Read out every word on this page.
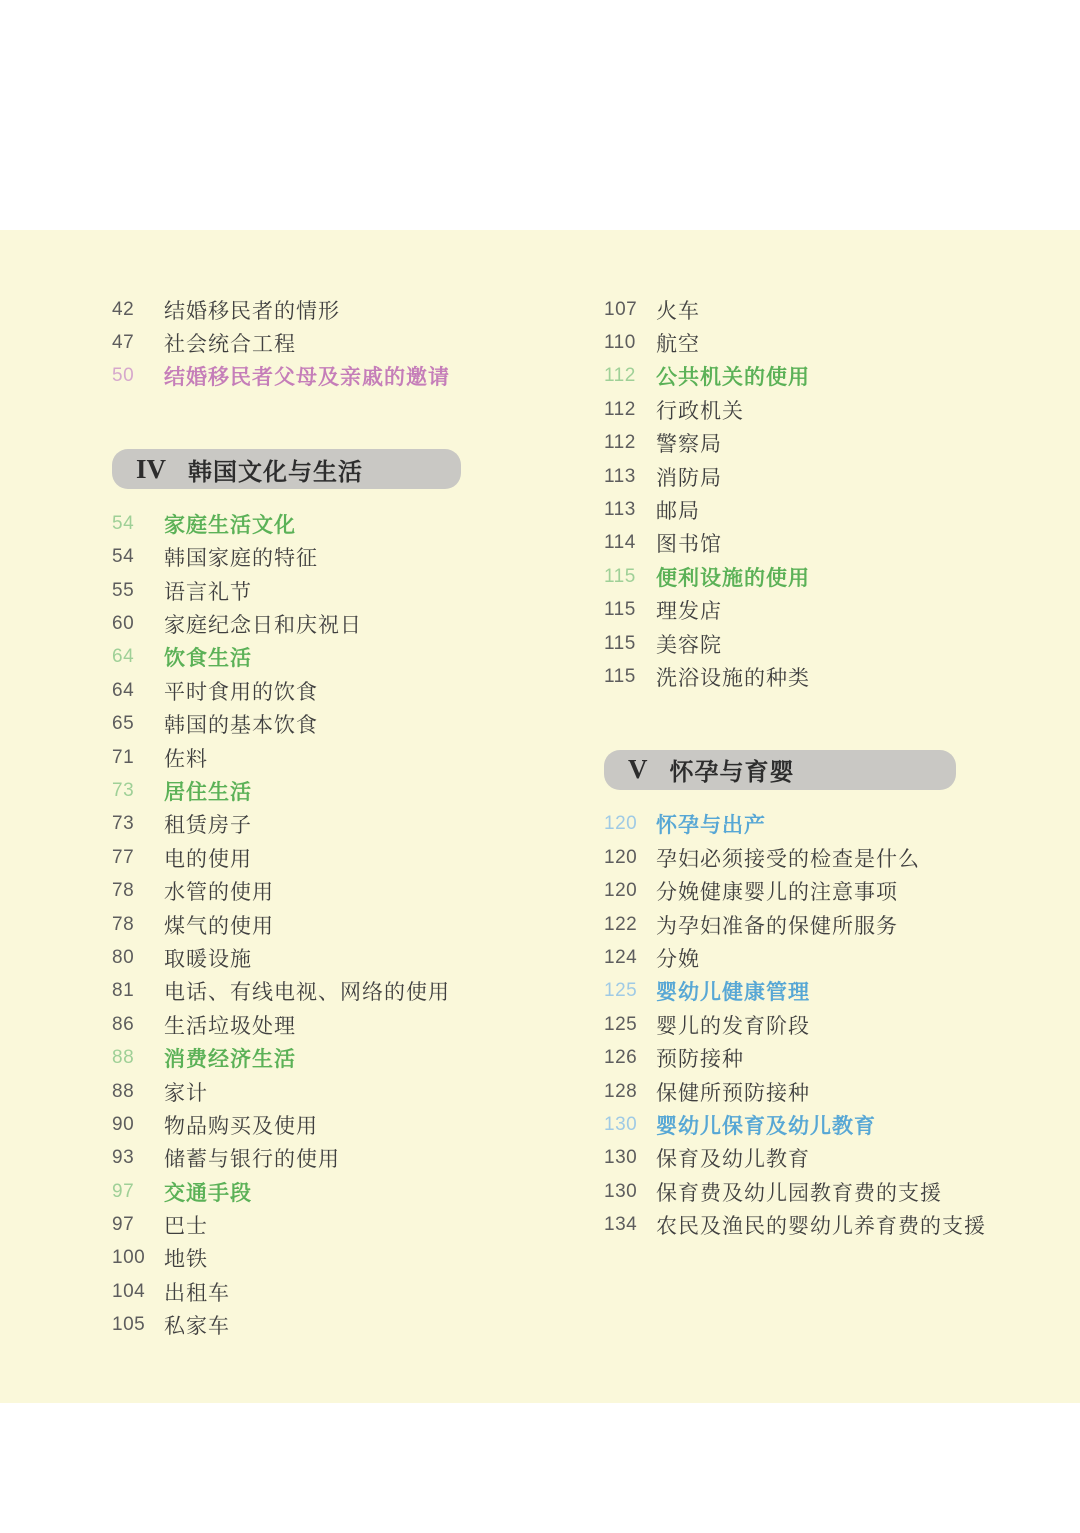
42	结婚移民者的情形
47	社会统合工程
50	结婚移民者父母及亲戚的邀请
IV 韩国文化与生活
54	家庭生活文化
54	韩国家庭的特征
55	语言礼节
60	家庭纪念日和庆祝日
64	饮食生活
64	平时食用的饮食
65	韩国的基本饮食
71	佐料
73	居住生活
73	租赁房子
77	电的使用
78	水管的使用
78	煤气的使用
80	取暖设施
81	电话、有线电视、网络的使用
86	生活垃圾处理
88	消费经济生活
88	家计
90	物品购买及使用
93	储蓄与银行的使用
97	交通手段
97	巴士
100 地铁
104 出租车
105 私家车
107 火车
110 航空
112 公共机关的使用
112 行政机关
112 警察局
113 消防局
113 邮局
114 图书馆
115 便利设施的使用
115 理发店
115 美容院
115 洗浴设施的种类
V 怀孕与育婴
120 怀孕与出产
120 孕妇必须接受的检查是什么
120 分娩健康婴儿的注意事项
122 为孕妇准备的保健所服务
124 分娩
125 婴幼儿健康管理
125 婴儿的发育阶段
126 预防接种
128 保健所预防接种
130 婴幼儿保育及幼儿教育
130 保育及幼儿教育
130 保育费及幼儿园教育费的支援
134 农民及渔民的婴幼儿养育费的支援
